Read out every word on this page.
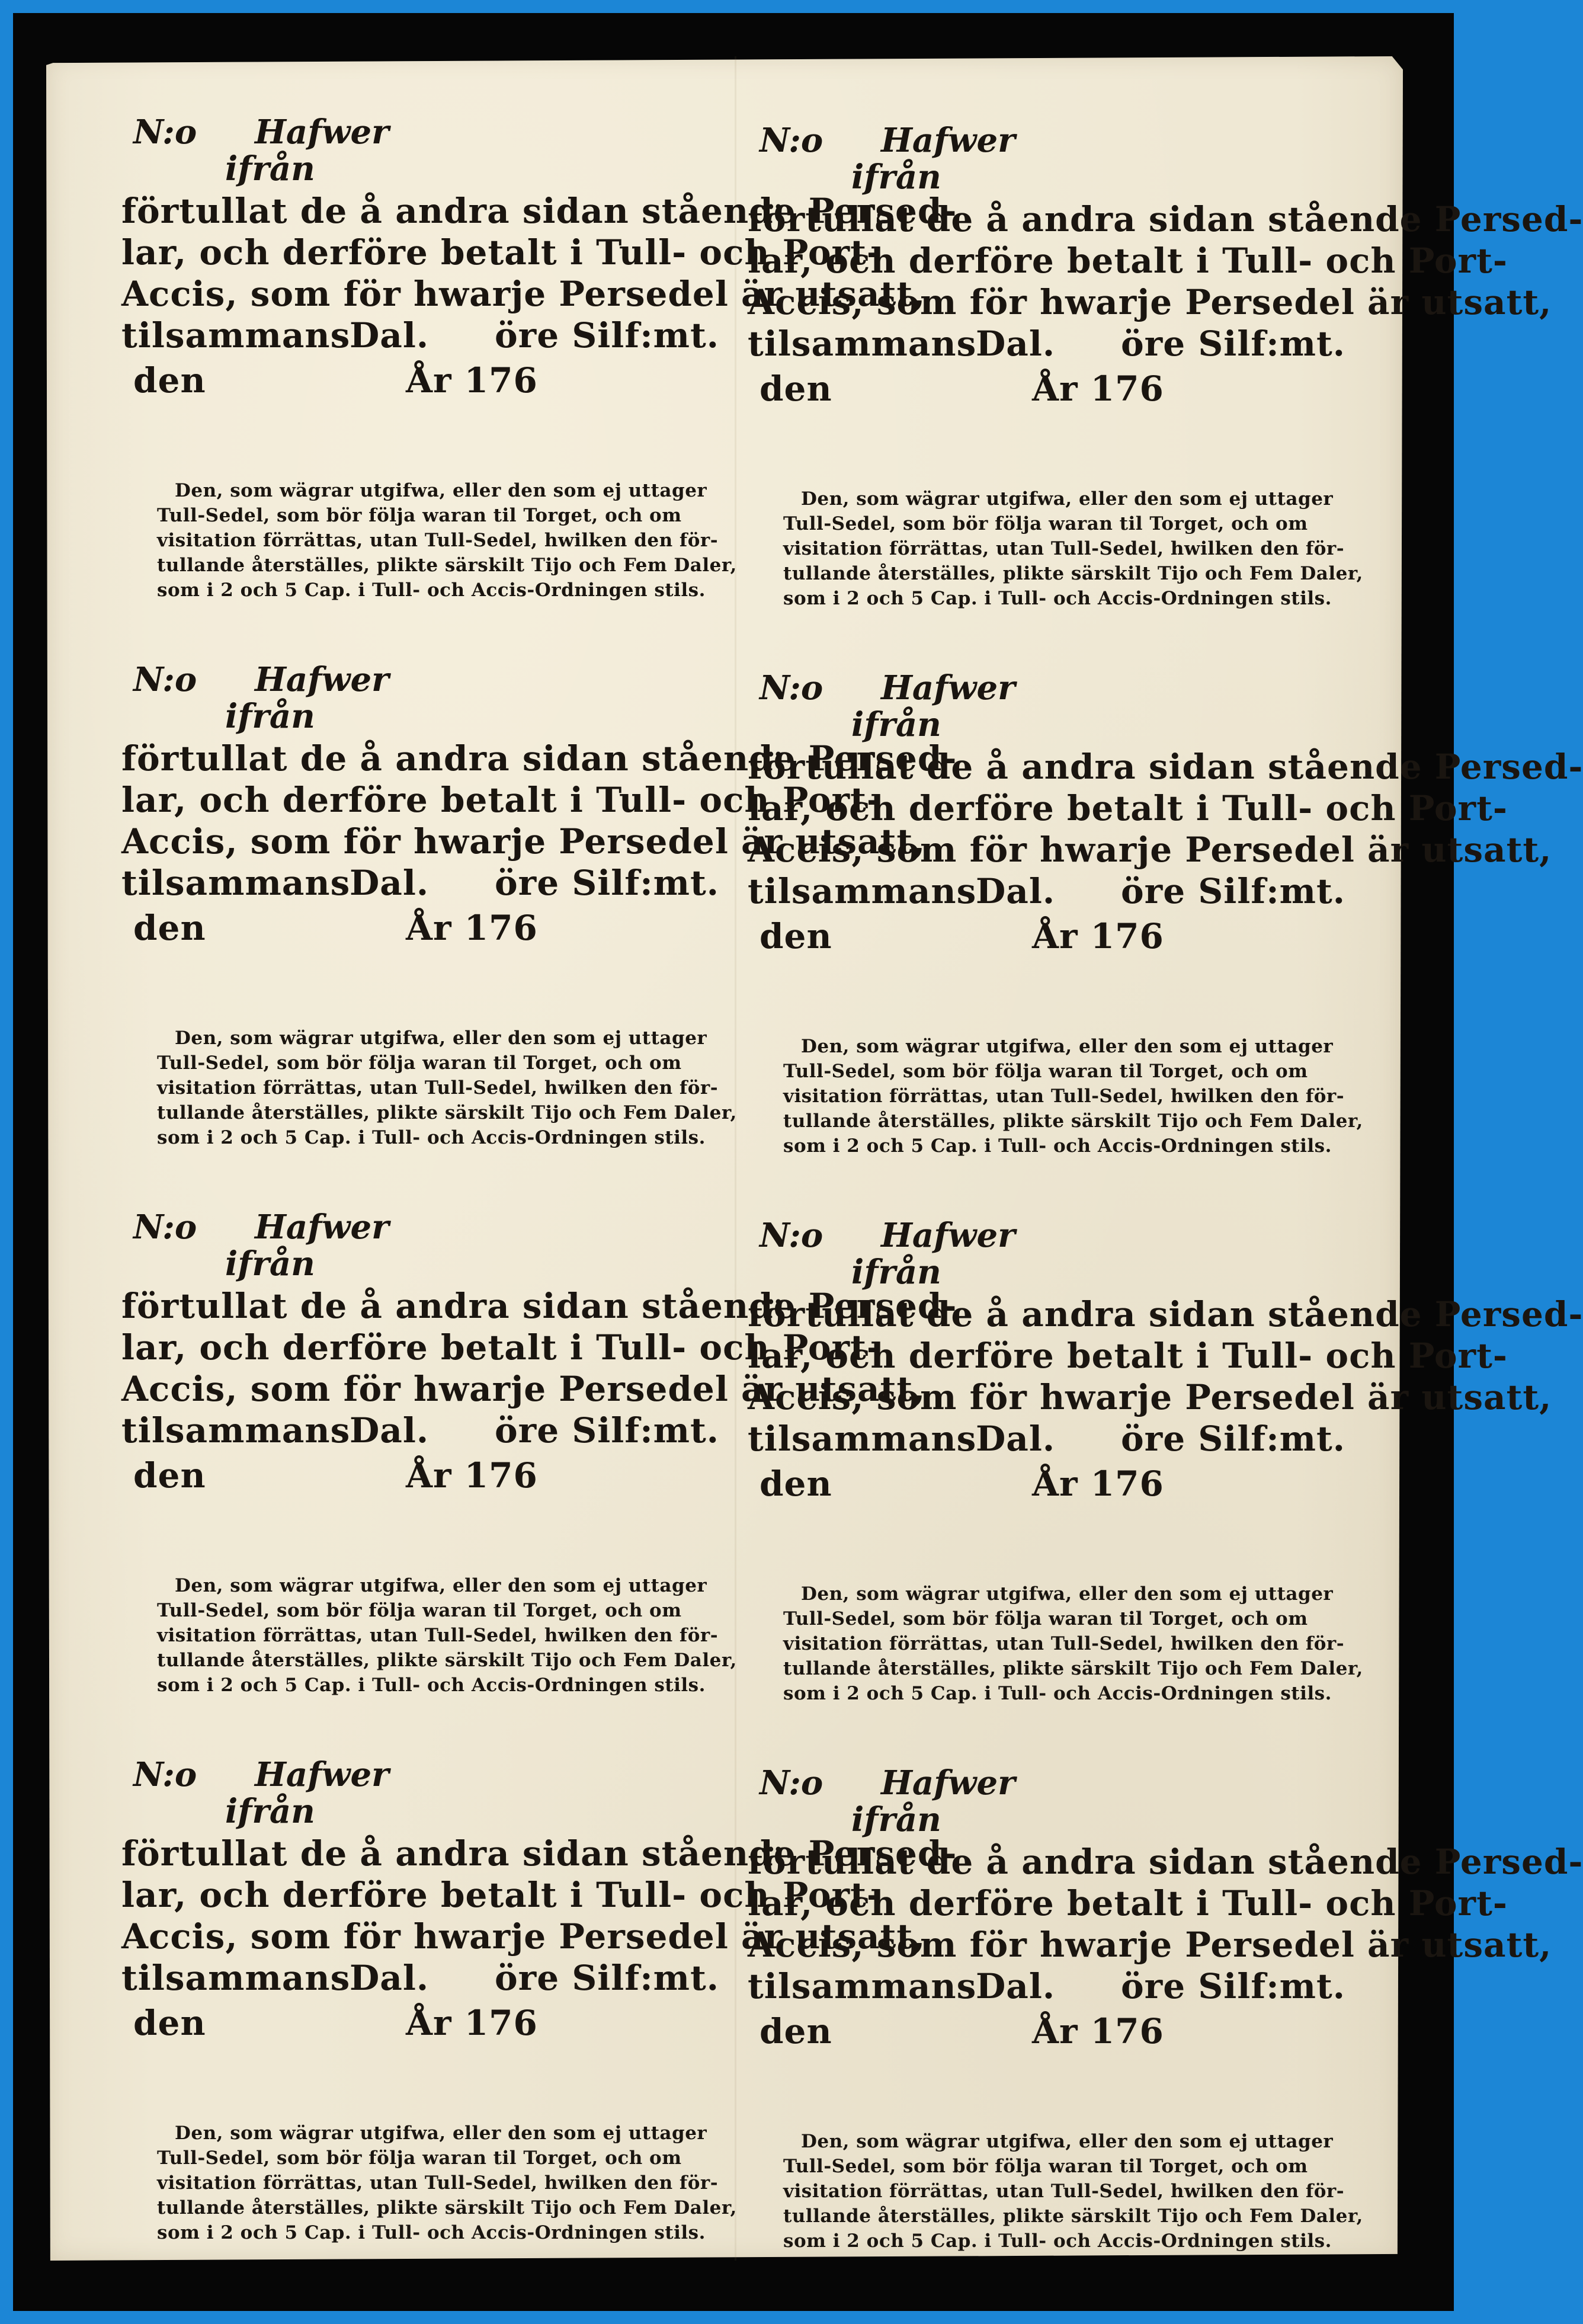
N:o Hafwer
ifrån
förtullat de å andra sidan stående Persed-
lar, och derföre betalt i Tull- och Port-
Accis, som för hwarje Persedel är utsatt,
tilsammans
Dal. öre Silf:mt.
den	År 176
Den, som wägrar utgifwa, eller den som ej uttager
Tull-Sedel, som bör följa waran til Torget, och om
visitation förrättas, utan Tull-Sedel, hwilken den för-
tullande återställes, plikte särskilt Tijo och Fem Daler,
som i 2 och 5 Cap. i Tull- och Accis-Ordningen stils.
N:o Hafwer
ifrån
förtullat de å andra sidan stående Persed-
lar, och derföre betalt i Tull- och Port-
Accis, som för hwarje Persedel är utsatt,
tilsammans
Dal. öre Silf:mt.
den	År 176
Den, som wägrar utgifwa, eller den som ej uttager
Tull-Sedel, som bör följa waran til Torget, och om
visitation förrättas, utan Tull-Sedel, hwilken den för-
tullande återställes, plikte särskilt Tijo och Fem Daler,
som i 2 och 5 Cap. i Tull- och Accis-Ordningen stils.
N:o Hafwer
ifrån
förtullat de å andra sidan stående Persed-
lar, och derföre betalt i Tull- och Port-
Accis, som för hwarje Persedel är utsatt,
tilsammans
Dal. öre Silf:mt.
den	År 176
Den, som wägrar utgifwa, eller den som ej uttager
Tull-Sedel, som bör följa waran til Torget, och om
visitation förrättas, utan Tull-Sedel, hwilken den för-
tullande återställes, plikte särskilt Tijo och Fem Daler,
som i 2 och 5 Cap. i Tull- och Accis-Ordningen stils.
N:o Hafwer
ifrån
förtullat de å andra sidan stående Persed-
lar, och derföre betalt i Tull- och Port-
Accis, som för hwarje Persedel är utsatt,
tilsammans
Dal. öre Silf:mt.
den	År 176
Den, som wägrar utgifwa, eller den som ej uttager
Tull-Sedel, som bör följa waran til Torget, och om
visitation förrättas, utan Tull-Sedel, hwilken den för-
tullande återställes, plikte särskilt Tijo och Fem Daler,
som i 2 och 5 Cap. i Tull- och Accis-Ordningen stils.
N:o Hafwer
ifrån
förtullat de å andra sidan stående Persed-
lar, och derföre betalt i Tull- och Port-
Accis, som för hwarje Persedel är utsatt,
tilsammans
Dal. öre Silf:mt.
den	År 176
Den, som wägrar utgifwa, eller den som ej uttager
Tull-Sedel, som bör följa waran til Torget, och om
visitation förrättas, utan Tull-Sedel, hwilken den för-
tullande återställes, plikte särskilt Tijo och Fem Daler,
som i 2 och 5 Cap. i Tull- och Accis-Ordningen stils.
N:o Hafwer
ifrån
förtullat de å andra sidan stående Persed-
lar, och derföre betalt i Tull- och Port-
Accis, som för hwarje Persedel är utsatt,
tilsammans
Dal. öre Silf:mt.
den	År 176
Den, som wägrar utgifwa, eller den som ej uttager
Tull-Sedel, som bör följa waran til Torget, och om
visitation förrättas, utan Tull-Sedel, hwilken den för-
tullande återställes, plikte särskilt Tijo och Fem Daler,
som i 2 och 5 Cap. i Tull- och Accis-Ordningen stils.
N:o Hafwer
ifrån
förtullat de å andra sidan stående Persed-
lar, och derföre betalt i Tull- och Port-
Accis, som för hwarje Persedel är utsatt,
tilsammans
Dal. öre Silf:mt.
den	År 176
Den, som wägrar utgifwa, eller den som ej uttager
Tull-Sedel, som bör följa waran til Torget, och om
visitation förrättas, utan Tull-Sedel, hwilken den för-
tullande återställes, plikte särskilt Tijo och Fem Daler,
som i 2 och 5 Cap. i Tull- och Accis-Ordningen stils.
N:o Hafwer
ifrån
förtullat de å andra sidan stående Persed-
lar, och derföre betalt i Tull- och Port-
Accis, som för hwarje Persedel är utsatt,
tilsammans
Dal. öre Silf:mt.
den	År 176
Den, som wägrar utgifwa, eller den som ej uttager
Tull-Sedel, som bör följa waran til Torget, och om
visitation förrättas, utan Tull-Sedel, hwilken den för-
tullande återställes, plikte särskilt Tijo och Fem Daler,
som i 2 och 5 Cap. i Tull- och Accis-Ordningen stils.
